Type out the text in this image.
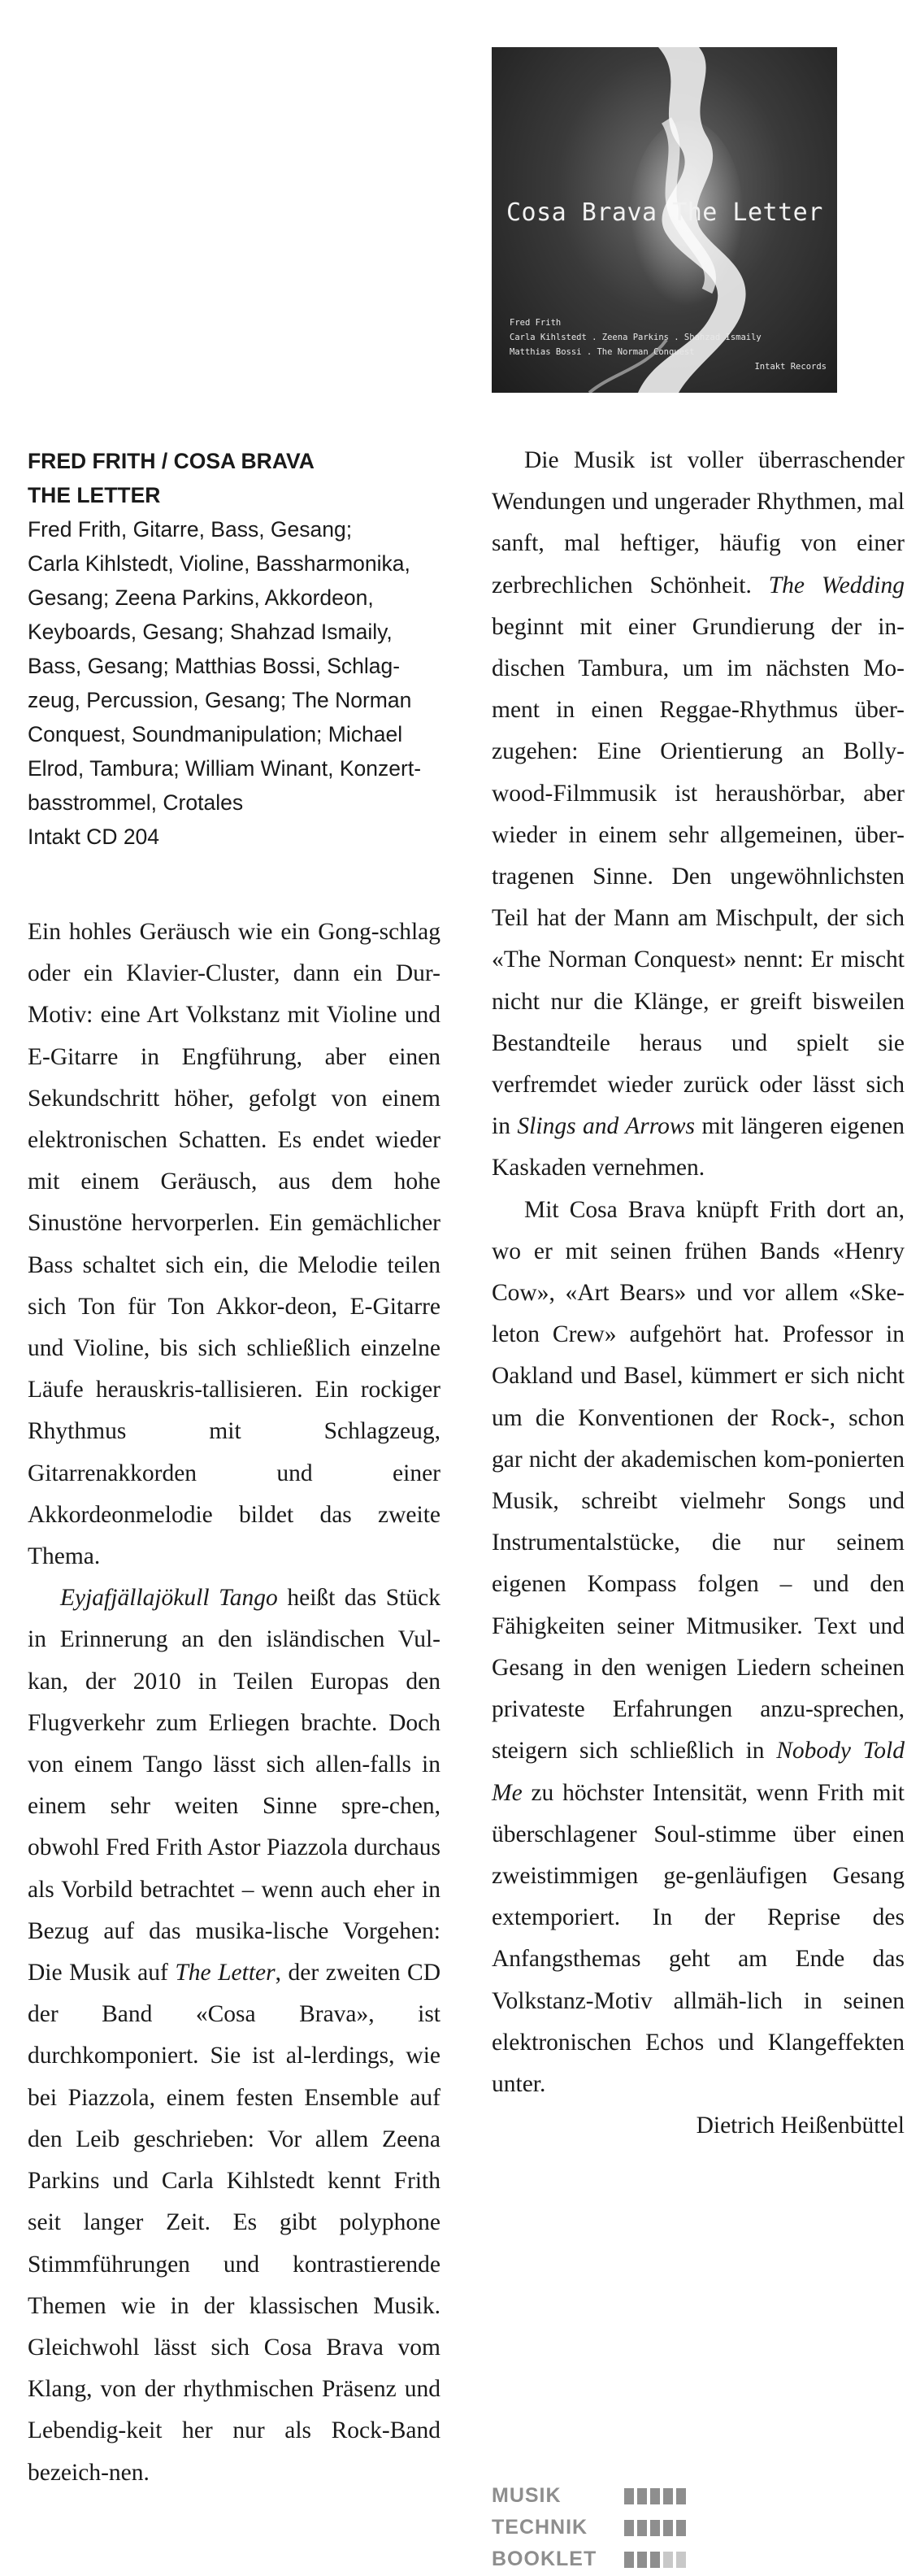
Cosa Brava The Letter
Fred Frith
Carla Kihlstedt . Zeena Parkins . Shahzad Ismaily
Matthias Bossi . The Norman Conquest
Intakt Records

FRED FRITH / COSA BRAVA

THE LETTER

Fred Frith, Gitarre, Bass, Gesang;

Carla Kihlstedt, Violine, Bassharmonika,

Gesang; Zeena Parkins, Akkordeon,

Keyboards, Gesang; Shahzad Ismaily,

Bass, Gesang; Matthias Bossi, Schlag-

zeug, Percussion, Gesang; The Norman

Conquest, Soundmanipulation; Michael

Elrod, Tambura; William Winant, Konzert-

basstrommel, Crotales

Intakt CD 204

Ein hohles Geräusch wie ein Gong-schlag oder ein Klavier-Cluster, dann ein Dur-Motiv: eine Art Volkstanz mit Violine und E-Gitarre in Engführung, aber einen Sekundschritt höher, gefolgt von einem elektronischen Schatten. Es endet wieder mit einem Geräusch, aus dem hohe Sinustöne hervorperlen. Ein gemächlicher Bass schaltet sich ein, die Melodie teilen sich Ton für Ton Akkor-deon, E-Gitarre und Violine, bis sich schließlich einzelne Läufe herauskris-tallisieren. Ein rockiger Rhythmus mit Schlagzeug, Gitarrenakkorden und einer Akkordeonmelodie bildet das zweite Thema.

Eyjafjällajökull Tango heißt das Stück in Erinnerung an den isländischen Vul-kan, der 2010 in Teilen Europas den Flugverkehr zum Erliegen brachte. Doch von einem Tango lässt sich allen-falls in einem sehr weiten Sinne spre-chen, obwohl Fred Frith Astor Piazzola durchaus als Vorbild betrachtet – wenn auch eher in Bezug auf das musika-lische Vorgehen: Die Musik auf The Letter, der zweiten CD der Band «Cosa Brava», ist durchkomponiert. Sie ist al-lerdings, wie bei Piazzola, einem festen Ensemble auf den Leib geschrieben: Vor allem Zeena Parkins und Carla Kihlstedt kennt Frith seit langer Zeit. Es gibt polyphone Stimmführungen und kontrastierende Themen wie in der klassischen Musik. Gleichwohl lässt sich Cosa Brava vom Klang, von der rhythmischen Präsenz und Lebendig-keit her nur als Rock-Band bezeich-nen.

Die Musik ist voller überraschender Wendungen und ungerader Rhythmen, mal sanft, mal heftiger, häufig von einer zerbrechlichen Schönheit. The Wedding beginnt mit einer Grundierung der in-dischen Tambura, um im nächsten Mo-ment in einen Reggae-Rhythmus über-zugehen: Eine Orientierung an Bolly-wood-Filmmusik ist heraushörbar, aber wieder in einem sehr allgemeinen, über-tragenen Sinne. Den ungewöhnlichsten Teil hat der Mann am Mischpult, der sich «The Norman Conquest» nennt: Er mischt nicht nur die Klänge, er greift bisweilen Bestandteile heraus und spielt sie verfremdet wieder zurück oder lässt sich in Slings and Arrows mit längeren eigenen Kaskaden vernehmen.

Mit Cosa Brava knüpft Frith dort an, wo er mit seinen frühen Bands «Henry Cow», «Art Bears» und vor allem «Ske-leton Crew» aufgehört hat. Professor in Oakland und Basel, kümmert er sich nicht um die Konventionen der Rock-, schon gar nicht der akademischen kom-ponierten Musik, schreibt vielmehr Songs und Instrumentalstücke, die nur seinem eigenen Kompass folgen – und den Fähigkeiten seiner Mitmusiker. Text und Gesang in den wenigen Liedern scheinen privateste Erfahrungen anzu-sprechen, steigern sich schließlich in Nobody Told Me zu höchster Intensität, wenn Frith mit überschlagener Soul-stimme über einen zweistimmigen ge-genläufigen Gesang extemporiert. In der Reprise des Anfangsthemas geht am Ende das Volkstanz-Motiv allmäh-lich in seinen elektronischen Echos und Klangeffekten unter.

Dietrich Heißenbüttel

MUSIK
TECHNIK
BOOKLET
